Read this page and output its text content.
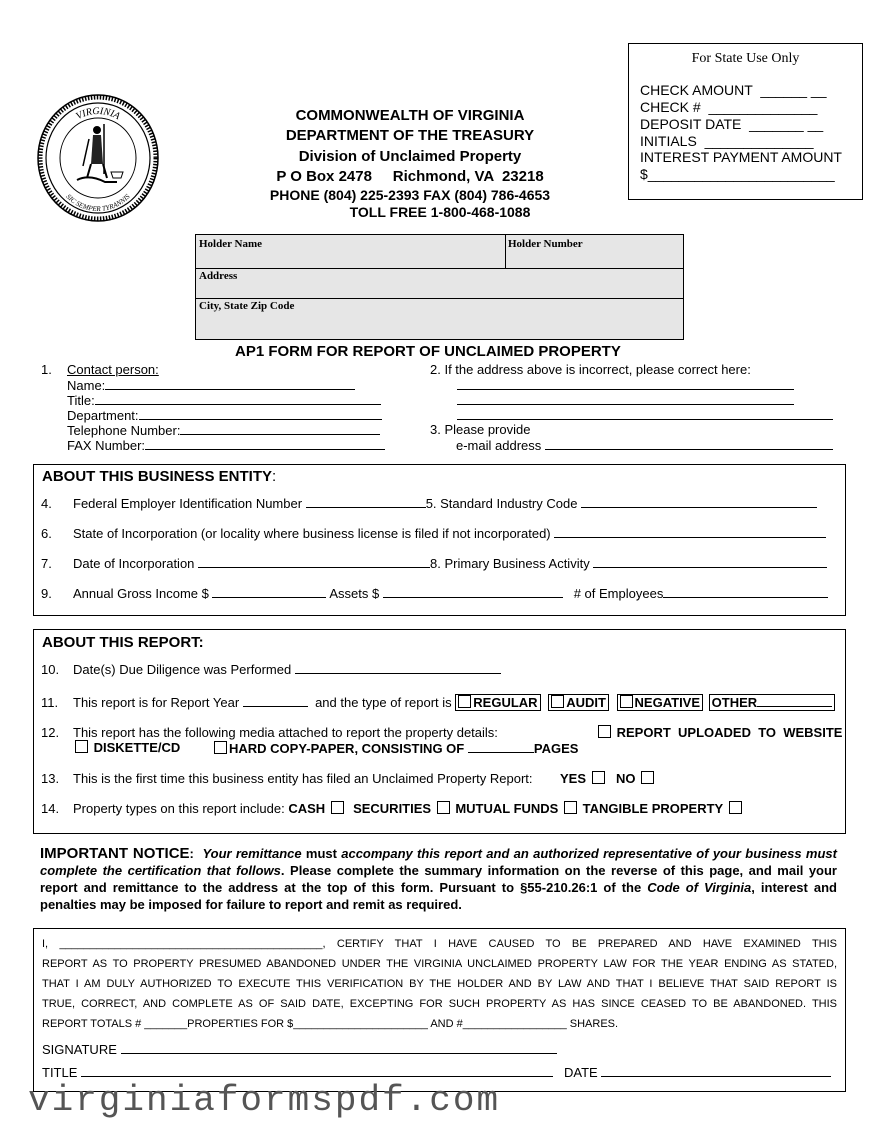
VIRGINIA
SIC SEMPER TYRANNIS
COMMONWEALTH OF VIRGINIA
DEPARTMENT OF THE TREASURY
Division of Unclaimed Property
P O Box 2478     Richmond, VA  23218
PHONE (804) 225-2393 FAX (804) 786-4653
TOLL FREE 1-800-468-1088
For State Use Only
CHECK AMOUNT  ______ __
CHECK #  ______________
DEPOSIT DATE  _______ __
INITIALS  ______________
INTEREST PAYMENT AMOUNT
$________________________
Holder Name	Holder Number
Address
City, State Zip Code
AP1 FORM FOR REPORT OF UNCLAIMED PROPERTY
1. Contact person:
Name:
Title:
Department:
Telephone Number:
FAX Number:
2. If the address above is incorrect, please correct here:
3. Please provide
e-mail address
ABOUT THIS BUSINESS ENTITY:
4. Federal Employer Identification Number	5. Standard Industry Code
6. State of Incorporation (or locality where business license is filed if not incorporated)
7. Date of Incorporation	8. Primary Business Activity
9. Annual Gross Income $	Assets $	# of Employees
ABOUT THIS REPORT:
10. Date(s) Due Diligence was Performed
11. This report is for Report Year	and the type of report is REGULAR AUDIT NEGATIVE OTHER
12. This report has the following media attached to report the property details:	REPORT  UPLOADED  TO  WEBSITE
DISKETTE/CD	HARD COPY-PAPER, CONSISTING OF	PAGES
13. This is the first time this business entity has filed an Unclaimed Property Report: YES	NO
14. Property types on this report include: CASH SECURITIES MUTUAL FUNDS TANGIBLE PROPERTY
IMPORTANT NOTICE: Your remittance must accompany this report and an authorized representative of your business must complete the certification that follows. Please complete the summary information on the reverse of this page, and mail your report and remittance to the address at the top of this form. Pursuant to §55-210.26:1 of the Code of Virginia, interest and penalties may be imposed for failure to report and remit as required.
I, ___________________________________________, CERTIFY THAT I HAVE CAUSED TO BE PREPARED AND HAVE EXAMINED THIS
REPORT AS TO PROPERTY PRESUMED ABANDONED UNDER THE VIRGINIA UNCLAIMED PROPERTY LAW FOR THE YEAR ENDING AS STATED,
THAT I AM DULY AUTHORIZED TO EXECUTE THIS VERIFICATION BY THE HOLDER AND BY LAW AND THAT I BELIEVE THAT SAID REPORT IS
TRUE, CORRECT, AND COMPLETE AS OF SAID DATE, EXCEPTING FOR SUCH PROPERTY AS HAS SINCE CEASED TO BE ABANDONED. THIS
REPORT TOTALS # _______PROPERTIES FOR $______________________ AND #_________________ SHARES.
SIGNATURE
TITLE	DATE
virginiaformspdf.com
